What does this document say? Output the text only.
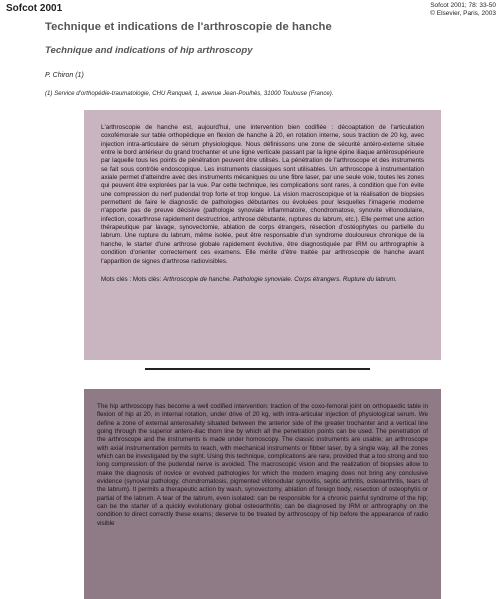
Sofcot 2001	Sofcot 2001; 78: 33-50
© Elsevier, Paris, 2003
Technique et indications de l'arthroscopie de hanche
Technique and indications of hip arthroscopy
P. Chiron (1)
(1) Service d'orthopédie-traumatologie, CHU Ranqueil, 1, avenue Jean-Poulhès, 31000 Toulouse (France).

L'arthroscopie de hanche est, aujourd'hui, une intervention bien codifiée : décoaptation de l'articulation coxofémorale sur table orthopédique en flexion de hanche à 20, en rotation interne, sous traction de 20 kg, avec injection intra-articulaire de sérum physiologique. Nous définissons une zone de sécurité antéro-externe située entre le bord antérieur du grand trochanter et une ligne verticale passant par la ligne épine iliaque antérosupérieure par laquelle tous les points de pénétration peuvent être utilisés. La pénétration de l'arthroscope et des instruments se fait sous contrôle endoscopique. Les instruments classiques sont utilisables. Un arthroscope à instrumentation axiale permet d'atteindre avec des instruments mécaniques ou une fibre laser, par une seule voie, toutes les zones qui peuvent être explorées par la vue. Par cette technique, les complications sont rares, à condition que l'on évite une compression du nerf pudendal trop forte et trop longue. La vision macroscopique et la réalisation de biopsies permettent de faire le diagnostic de pathologies débutantes ou évoluées pour lesquelles l'imagerie moderne n'apporte pas de preuve décisive (pathologie synoviale inflammatoire, chondromatose, synovite villonodulaire, infection, coxarthrose rapidement destructrice, arthrose débutante, ruptures du labrum, etc.). Elle permet une action thérapeutique par lavage, synovectomie, ablation de corps étrangers, résection d'ostéophytes ou partielle du labrum. Une rupture du labrum, même isolée, peut être responsable d'un syndrome douloureux chronique de la hanche, le starter d'une arthrose globale rapidement évolutive, être diagnostiquée par IRM ou arthrographie à condition d'orienter correctement ces examens. Elle mérite d'être traitée par arthroscopie de hanche avant l'apparition de signes d'arthrose radiovisibles.

Mots clés : Mots clés: Arthroscopie de hanche. Pathologie synoviale. Corps étrangers. Rupture du labrum.

The hip arthroscopy has become a well codified intervention: traction of the coxo-femoral joint on orthopaedic table in flexion of hip at 20, in internal rotation, under drive of 20 kg, with intra-articular injection of physiological serum. We define a zone of external anterosafety situated between the anterior side of the greater trochanter and a vertical line going through the superior antero-iliac thorn line by which all the penetration points can be used. The penetration of the arthroscope and the instruments is made under homoscopy. The classic instruments are usable; an arthroscope with axial instrumentation permits to reach, with mechanical instruments or fibber laser, by a single way, all the zones which can be investigated by the sight. Using this technique, complications are rare, provided that a too strong and too long compression of the pudendal nerve is avoided. The macroscopic vision and the realization of biopsies allow to make the diagnosis of novice or evolved pathologies for which the modern imaging does not bring any conclusive evidence (synovial pathology, chondromatosis, pigmented villonodular synovitis, septic arthritis, osteoarthritis, tears of the labrum). It permits a therapeutic action by wash, synovectomy, ablation of foreign body, resection of osteophytis or partial of the labrum. A tear of the labrum, even isolated: can be responsible for a chronic painful syndrome of the hip; can be the starter of a quickly evolutionary global osteoarthritis; can be diagnosed by IRM or arthrography on the condition to direct correctly these exams; deserve to be treated by arthroscopy of hip before the appearance of radio visible
